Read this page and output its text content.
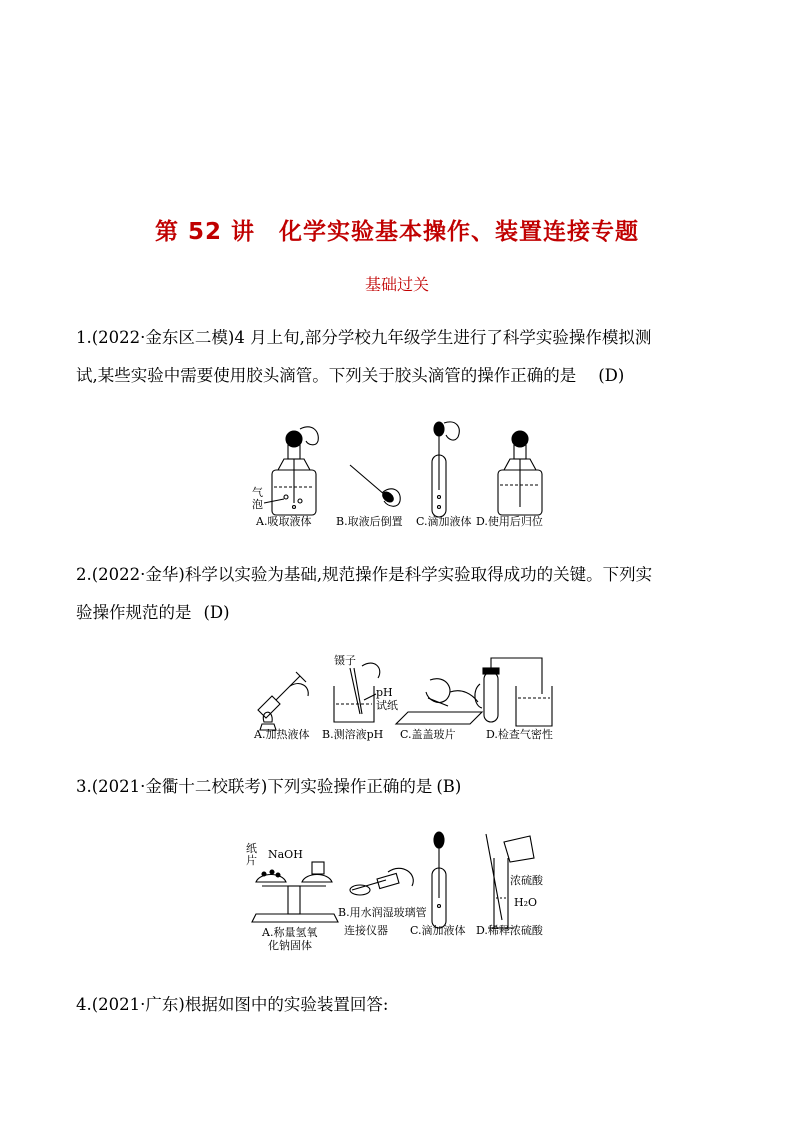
第 52 讲　化学实验基本操作、装置连接专题
基础过关
1.(2022·金东区二模)4 月上旬,部分学校九年级学生进行了科学实验操作模拟测
试,某些实验中需要使用胶头滴管。下列关于胶头滴管的操作正确的是 (D)
气
泡
A.吸取液体 B.取液后倒置 C.滴加液体 D.使用后归位
2.(2022·金华)科学以实验为基础,规范操作是科学实验取得成功的关键。下列实
验操作规范的是 (D)
镊子
pH
试纸
A.加热液体 B.测溶液pH C.盖盖玻片	D.检查气密性
3.(2021·金衢十二校联考)下列实验操作正确的是 (B)
纸
片 NaOH
浓硫酸
H₂O
A.称量氢氧
化钠固体
B.用水润湿玻璃管
连接仪器 C.滴加液体 D.稀释浓硫酸
4.(2021·广东)根据如图中的实验装置回答:
